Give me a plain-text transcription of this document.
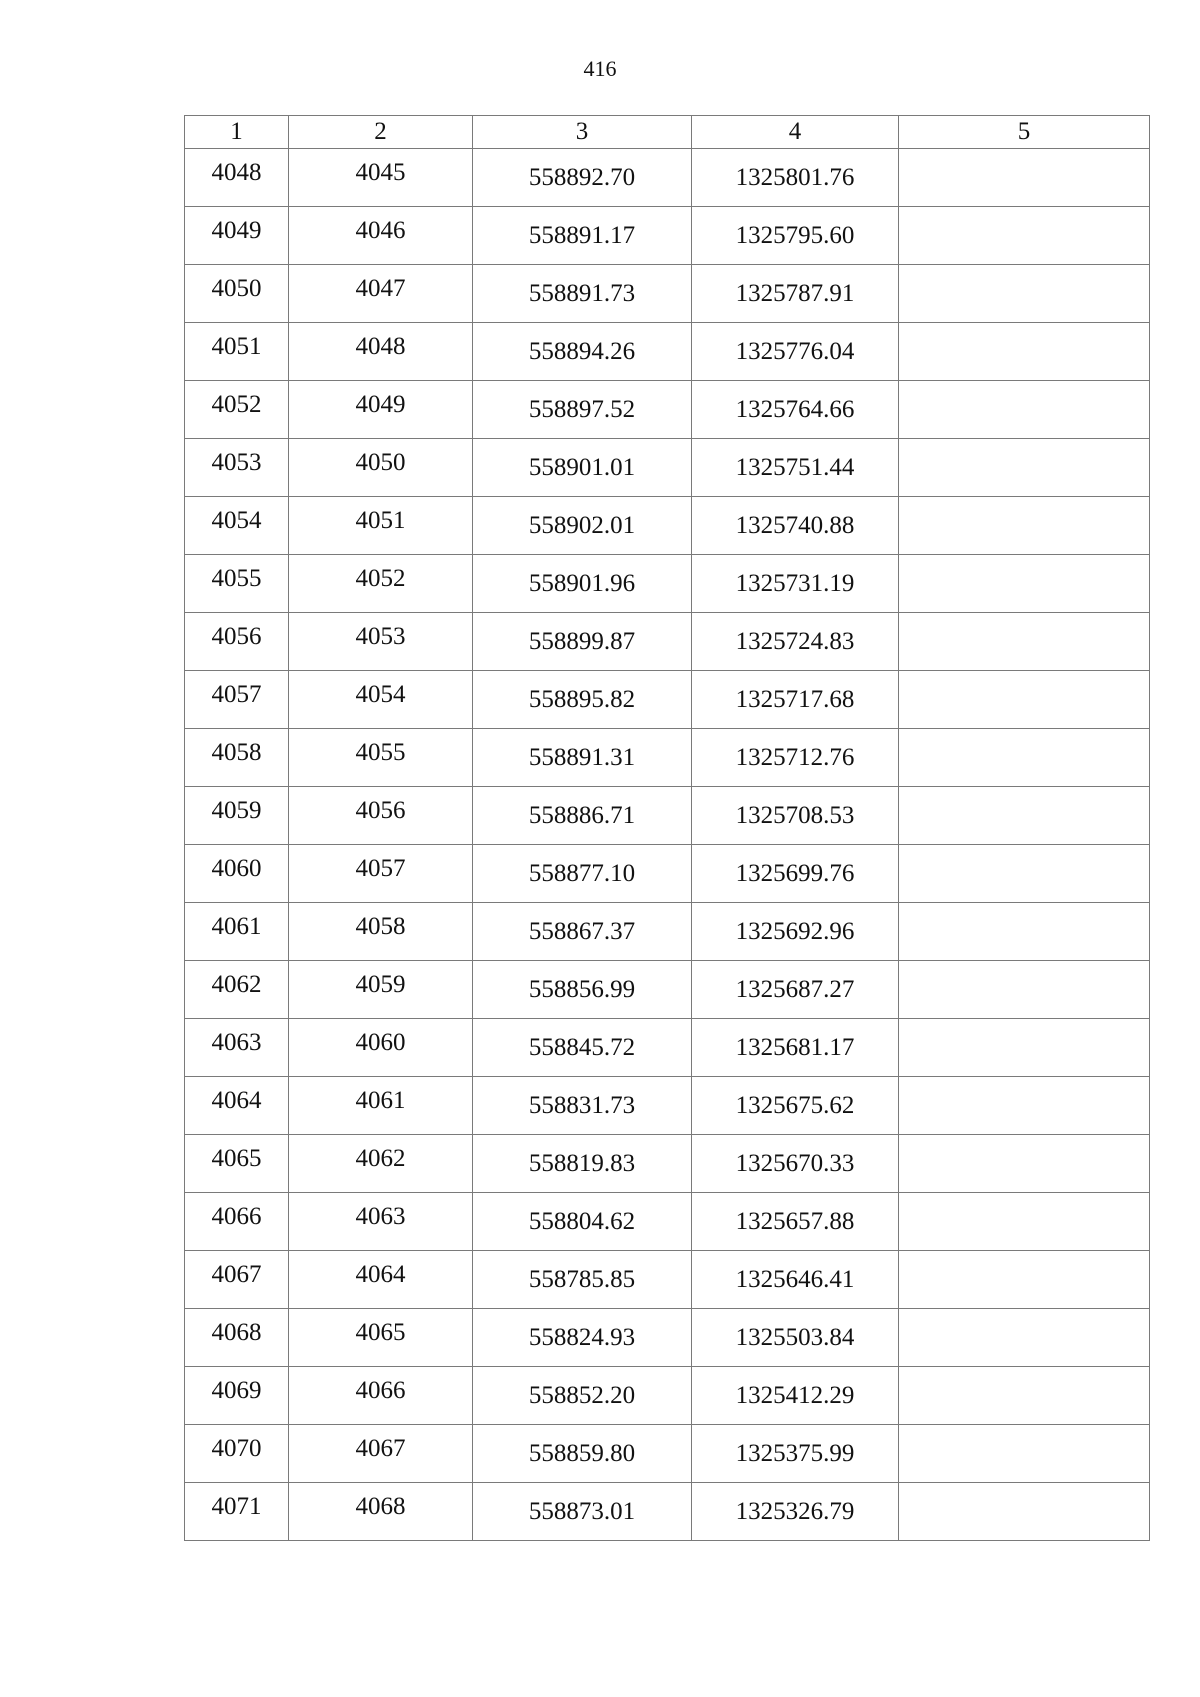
416
1	2	3	4	5
4048	4045	558892.70	1325801.76	
4049	4046	558891.17	1325795.60	
4050	4047	558891.73	1325787.91	
4051	4048	558894.26	1325776.04	
4052	4049	558897.52	1325764.66	
4053	4050	558901.01	1325751.44	
4054	4051	558902.01	1325740.88	
4055	4052	558901.96	1325731.19	
4056	4053	558899.87	1325724.83	
4057	4054	558895.82	1325717.68	
4058	4055	558891.31	1325712.76	
4059	4056	558886.71	1325708.53	
4060	4057	558877.10	1325699.76	
4061	4058	558867.37	1325692.96	
4062	4059	558856.99	1325687.27	
4063	4060	558845.72	1325681.17	
4064	4061	558831.73	1325675.62	
4065	4062	558819.83	1325670.33	
4066	4063	558804.62	1325657.88	
4067	4064	558785.85	1325646.41	
4068	4065	558824.93	1325503.84	
4069	4066	558852.20	1325412.29	
4070	4067	558859.80	1325375.99	
4071	4068	558873.01	1325326.79	
